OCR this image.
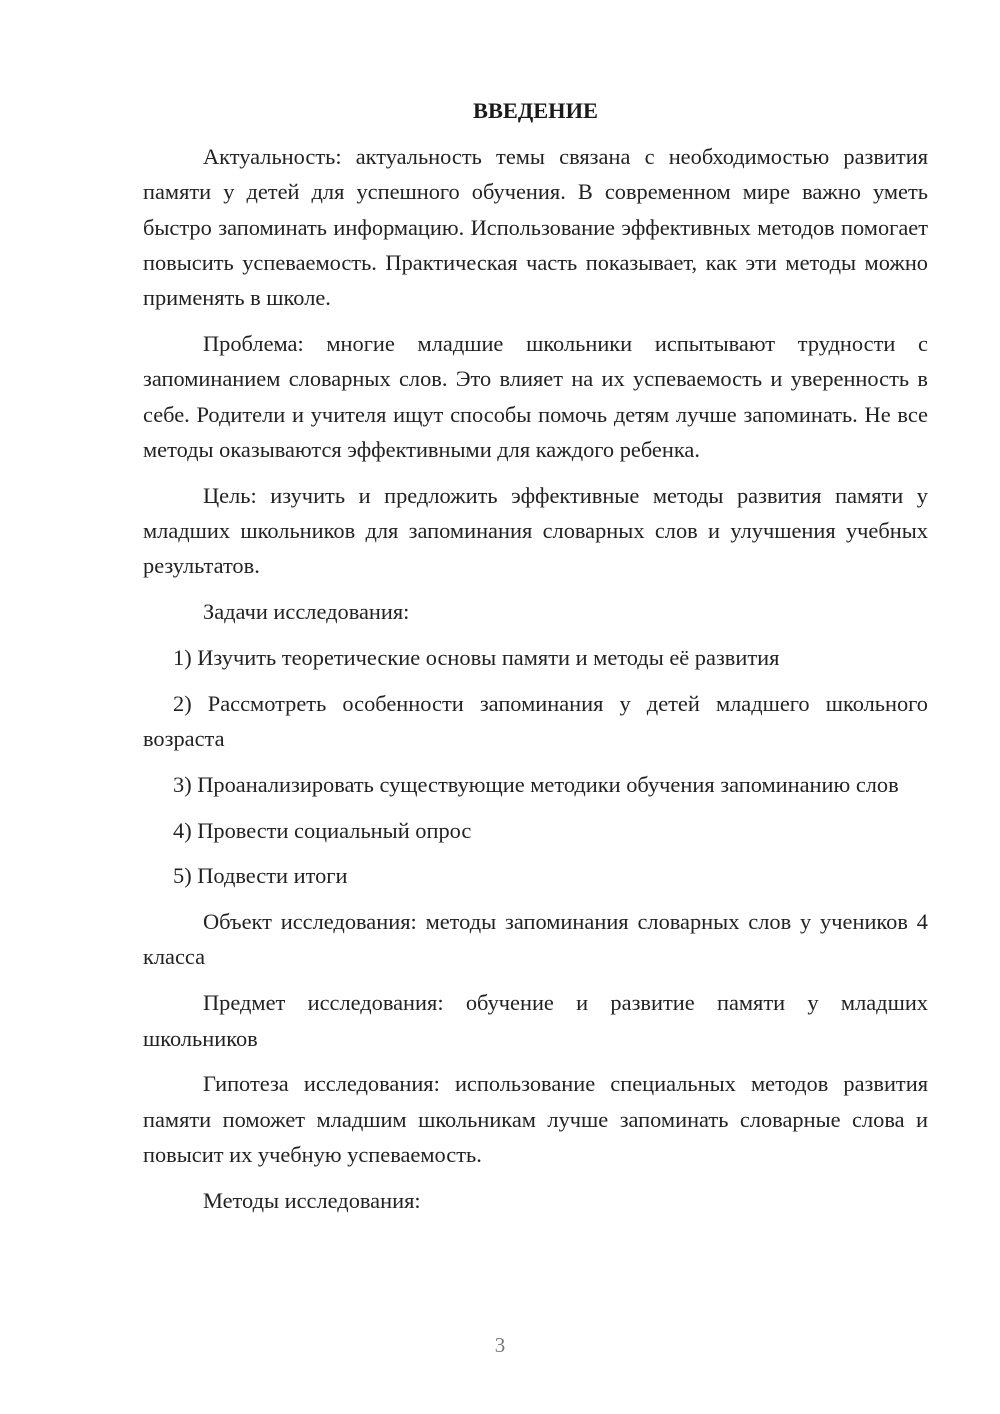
ВВЕДЕНИЕ

Актуальность: актуальность темы связана с необходимостью развития памяти у детей для успешного обучения. В современном мире важно уметь быстро запоминать информацию. Использование эффективных методов помогает повысить успеваемость. Практическая часть показывает, как эти методы можно применять в школе.

Проблема: многие младшие школьники испытывают трудности с запоминанием словарных слов. Это влияет на их успеваемость и уверенность в себе. Родители и учителя ищут способы помочь детям лучше запоминать. Не все методы оказываются эффективными для каждого ребенка.

Цель: изучить и предложить эффективные методы развития памяти у младших школьников для запоминания словарных слов и улучшения учебных результатов.

Задачи исследования:

1) Изучить теоретические основы памяти и методы её развития

2) Рассмотреть особенности запоминания у детей младшего школьного возраста

3) Проанализировать существующие методики обучения запоминанию слов

4) Провести социальный опрос

5) Подвести итоги

Объект исследования: методы запоминания словарных слов у учеников 4 класса

Предмет исследования: обучение и развитие памяти у младших школьников

Гипотеза исследования: использование специальных методов развития памяти поможет младшим школьникам лучше запоминать словарные слова и повысит их учебную успеваемость.

Методы исследования:

3
